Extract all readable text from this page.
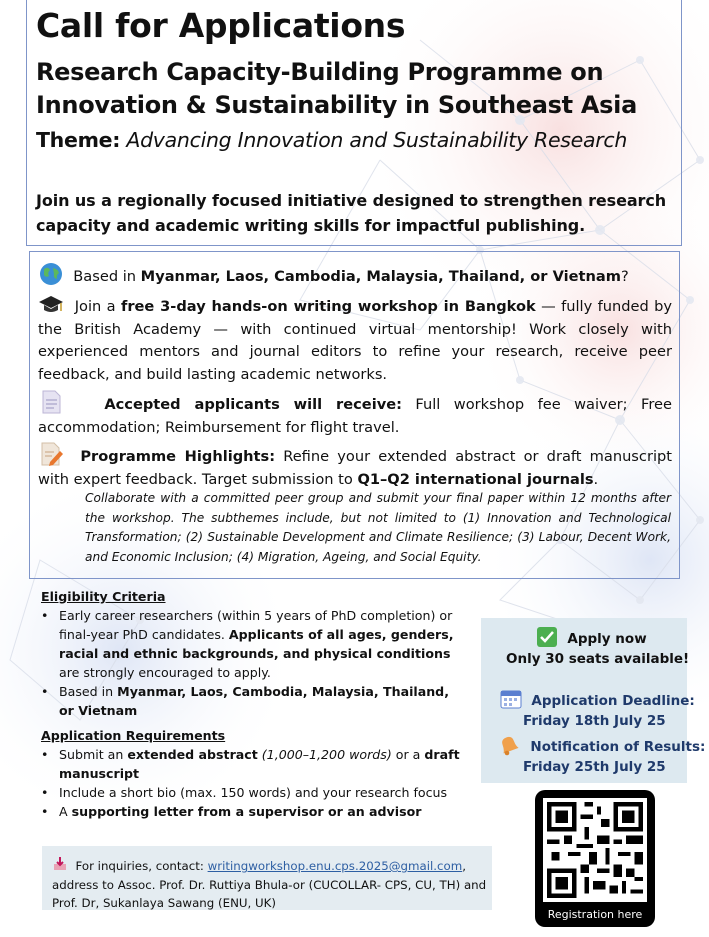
Call for Applications
Research Capacity-Building Programme on
Innovation & Sustainability in Southeast Asia
Theme: Advancing Innovation and Sustainability Research
Join us a regionally focused initiative designed to strengthen research capacity and academic writing skills for impactful publishing.
Based in Myanmar, Laos, Cambodia, Malaysia, Thailand, or Vietnam?
Join a free 3-day hands-on writing workshop in Bangkok — fully funded by the British Academy — with continued virtual mentorship! Work closely with experienced mentors and journal editors to refine your research, receive peer feedback, and build lasting academic networks.
Accepted applicants will receive: Full workshop fee waiver; Free accommodation; Reimbursement for flight travel.
Programme Highlights: Refine your extended abstract or draft manuscript with expert feedback. Target submission to Q1–Q2 international journals.
Collaborate with a committed peer group and submit your final paper within 12 months after the workshop. The subthemes include, but not limited to (1) Innovation and Technological Transformation; (2) Sustainable Development and Climate Resilience; (3) Labour, Decent Work, and Economic Inclusion; (4) Migration, Ageing, and Social Equity.
Eligibility Criteria
• Early career researchers (within 5 years of PhD completion) or final-year PhD candidates. Applicants of all ages, genders, racial and ethnic backgrounds, and physical conditions are strongly encouraged to apply.
• Based in Myanmar, Laos, Cambodia, Malaysia, Thailand, or Vietnam
Application Requirements
• Submit an extended abstract (1,000–1,200 words) or a draft manuscript
• Include a short bio (max. 150 words) and your research focus
• A supporting letter from a supervisor or an advisor
Apply now
Only 30 seats available!
Application Deadline:
Friday 18th July 25
Notification of Results:
Friday 25th July 25
Registration here
For inquiries, contact: writingworkshop.enu.cps.2025@gmail.com, address to Assoc. Prof. Dr. Ruttiya Bhula-or (CUCOLLAR- CPS, CU, TH) and Prof. Dr, Sukanlaya Sawang (ENU, UK)
